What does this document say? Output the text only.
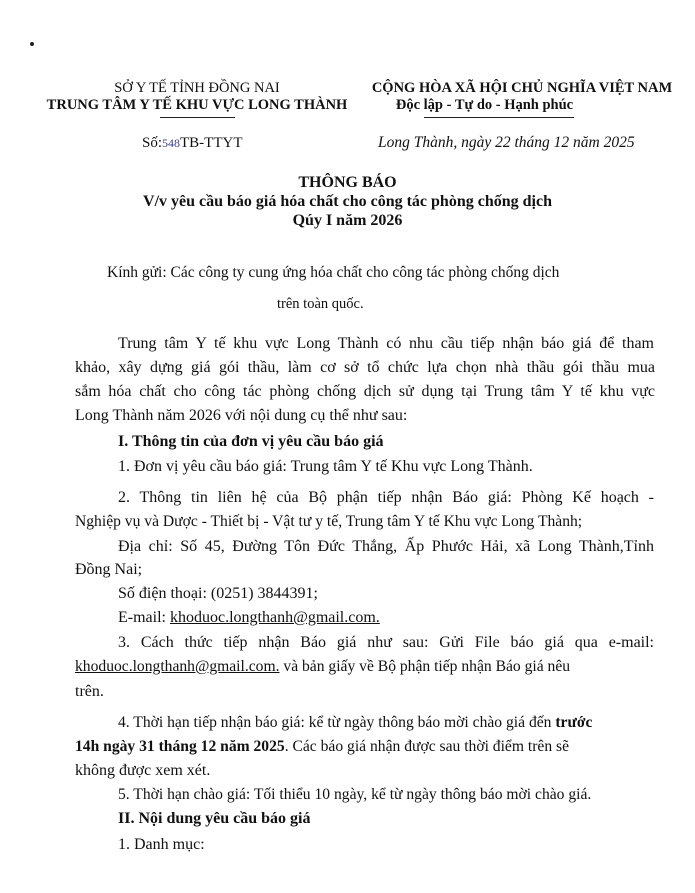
SỞ Y TẾ TỈNH ĐỒNG NAI
TRUNG TÂM Y TẾ KHU VỰC LONG THÀNH
CỘNG HÒA XÃ HỘI CHỦ NGHĨA VIỆT NAM
Độc lập - Tự do - Hạnh phúc
Số:548TB-TTYT	Long Thành, ngày 22 tháng 12 năm 2025
THÔNG BÁO
V/v yêu cầu báo giá hóa chất cho công tác phòng chống dịch
Qúy I năm 2026
Kính gửi: Các công ty cung ứng hóa chất cho công tác phòng chống dịch
trên toàn quốc.
Trung tâm Y tế khu vực Long Thành có nhu cầu tiếp nhận báo giá để tham
khảo, xây dựng giá gói thầu, làm cơ sở tổ chức lựa chọn nhà thầu gói thầu mua
sắm hóa chất cho công tác phòng chống dịch sử dụng tại Trung tâm Y tế khu vực
Long Thành năm 2026 với nội dung cụ thể như sau:
I. Thông tin của đơn vị yêu cầu báo giá
1. Đơn vị yêu cầu báo giá: Trung tâm Y tế Khu vực Long Thành.
2. Thông tin liên hệ của Bộ phận tiếp nhận Báo giá: Phòng Kế hoạch -
Nghiệp vụ và Dược - Thiết bị - Vật tư y tế, Trung tâm Y tế Khu vực Long Thành;
Địa chỉ: Số 45, Đường Tôn Đức Thắng, Ấp Phước Hải, xã Long Thành,Tỉnh
Đồng Nai;
Số điện thoại: (0251) 3844391;
E-mail: khoduoc.longthanh@gmail.com.
3. Cách thức tiếp nhận Báo giá như sau: Gửi File báo giá qua e-mail:
khoduoc.longthanh@gmail.com. và bản giấy về Bộ phận tiếp nhận Báo giá nêu
trên.
4. Thời hạn tiếp nhận báo giá: kể từ ngày thông báo mời chào giá đến trước
14h ngày 31 tháng 12 năm 2025. Các báo giá nhận được sau thời điểm trên sẽ
không được xem xét.
5. Thời hạn chào giá: Tối thiểu 10 ngày, kể từ ngày thông báo mời chào giá.
II. Nội dung yêu cầu báo giá
1. Danh mục:
